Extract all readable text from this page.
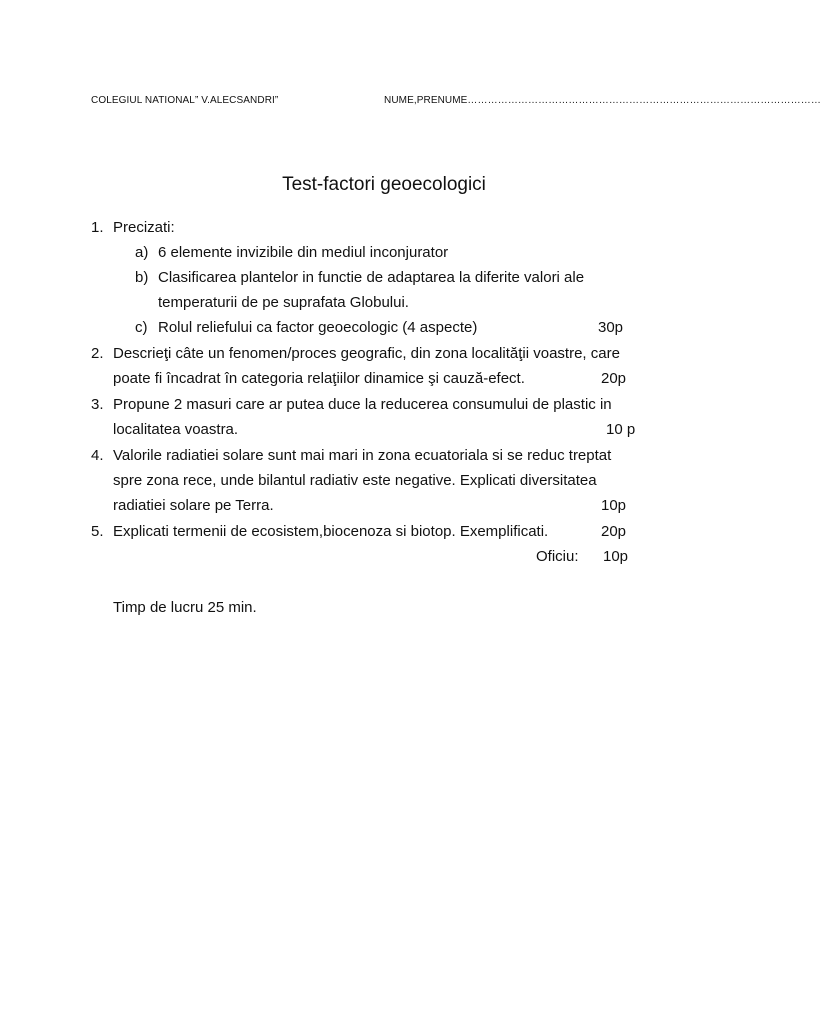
COLEGIUL NATIONAL” V.ALECSANDRI”	NUME,PRENUME……………………………………………………………………………………………
Test-factori geoecologici
1. Precizati:
a) 6 elemente invizibile din mediul inconjurator
b) Clasificarea plantelor in functie de adaptarea la diferite valori ale
temperaturii de pe suprafata Globului.
c) Rolul reliefului ca factor geoecologic (4 aspecte)	30p
2. Descrieţi câte un fenomen/proces geografic, din zona localităţii voastre, care
poate fi încadrat în categoria relaţiilor dinamice şi cauză-efect.	20p
3. Propune 2 masuri care ar putea duce la reducerea consumului de plastic in
localitatea voastra.	10 p
4. Valorile radiatiei solare sunt mai mari in zona ecuatoriala si se reduc treptat
spre zona rece, unde bilantul radiativ este negative. Explicati diversitatea
radiatiei solare pe Terra.	10p
5. Explicati termenii de ecosistem,biocenoza si biotop. Exemplificati.	20p
Oficiu: 10p
Timp de lucru 25 min.
